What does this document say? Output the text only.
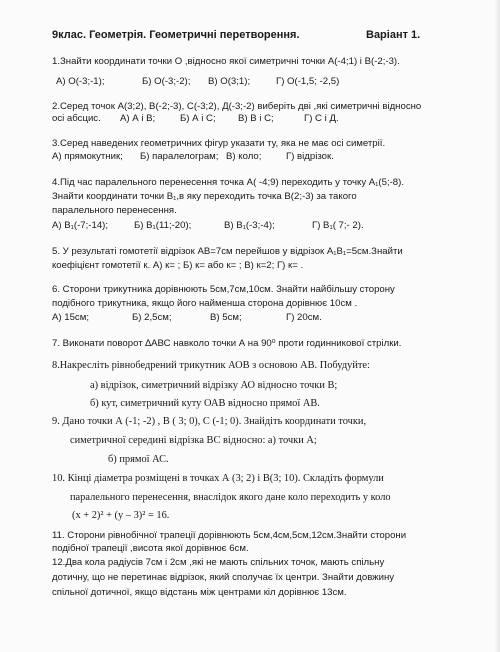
9клас. Геометрія. Геометричні перетворення.	Варіант 1.
1.Знайти координати точки О ,відносно якої симетричні точки А(-4;1) і В(-2;-3).
А) О(-3;-1);	Б) О(-3;-2); В) О(3;1);	Г) О(-1,5; -2,5)
2.Серед точок А(3;2), В(-2;-3), С(-3;2), Д(-3;-2) виберіть дві ,які симетричні відносно
осі абсцис. А) А і В;	Б) А і С; В) В і С;	Г) С і Д.
3.Серед наведених геометричних фігур указати ту, яка не має осі симетрії.
А) прямокутник; Б) паралелограм; В) коло;	Г) відрізок.
4.Під час паралельного перенесення точка А( -4;9) переходить у точку А₁(5;-8).
Знайти координати точки В₁,в яку переходить точка В(2;-3) за такого
паралельного перенесення.
А) В₁(-7;-14);	Б) В₁(11;-20);	В) В₁(-3;-4);	Г) В₁( 7;- 2).
5. У результаті гомотетії відрізок АВ=7см перейшов у відрізок А₁В₁=5см.Знайти
коефіцієнт гомотетії к. А) к= ; Б) к= або к= ; В) к=2; Г) к= .
6. Сторони трикутника дорівнюють 5см,7см,10см. Знайти найбільшу сторону
подібного трикутника, якщо його найменша сторона дорівнює 10см .
А) 15см;	Б) 2,5см;	В) 5см;	Г) 20см.
7. Виконати поворот ∆АВС навколо точки А на 90⁰ проти годинникової стрілки.
8.Накресліть рівнобедрений трикутник АОВ з основою АВ. Побудуйте:
а) відрізок, симетричний відрізку АО відносно точки В;
б) кут, симетричний куту ОАВ відносно прямої АВ.
9. Дано точки А (-1; -2) , В ( 3; 0), С (-1; 0). Знайдіть координати точки,
симетричної середині відрізка ВС відносно: а) точки А;
б) прямої АС.
10. Кінці діаметра розміщені в точках А (3; 2) і В(3; 10). Складіть формули
паралельного перенесення, внаслідок якого дане коло переходить у коло
(x + 2)² + (y – 3)² = 16.
11. Сторони рівнобічної трапеції дорівнюють 5см,4см,5см,12см.Знайти сторони
подібної трапеції ,висота якої дорівнює 6см.
12.Два кола радіусів 7см і 2см ,які не мають спільних точок, мають спільну
дотичну, що не перетинає відрізок, який сполучає їх центри. Знайти довжину
спільної дотичної, якщо відстань між центрами кіл дорівнює 13см.
